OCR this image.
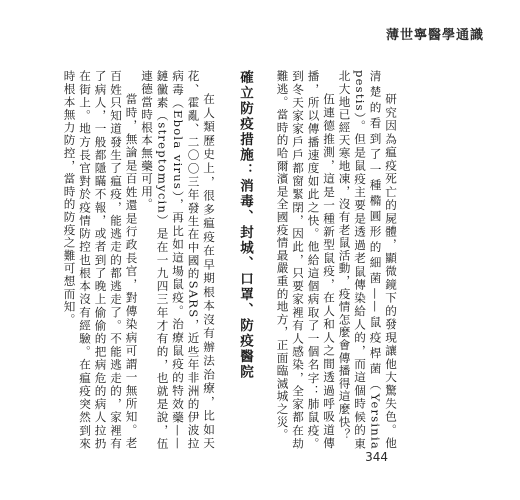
薄世寧醫學通識

研究因為瘟疫死亡的屍體，顯微鏡下的發現讓他大驚失色。他清楚的看到了一種橢圓形的細菌——鼠疫桿菌（Yersinia pestis）。但是鼠疫主要是透過老鼠傳染給人的，而這個時候的東北大地已經天寒地凍，沒有老鼠活動，疫情怎麼會傳播得這麼快？

伍連德推測，這是一種新型鼠疫，在人和人之間透過呼吸道傳播，所以傳播速度如此之快。他給這個病取了一個名字：肺鼠疫。到冬天家家戶戶都窗緊閉，因此，只要家裡有人感染，全家都在劫難逃。當時的哈爾濱是全國疫情最嚴重的地方，正面臨滅城之災。

確立防疫措施：消毒、封城、口罩、防疫醫院

在人類歷史上，很多瘟疫在早期根本沒有辦法治療，比如天花、霍亂、二〇〇三年發生在中國的SARS，近些年非洲的伊波拉病毒（Ebola virus），再比如這場鼠疫。治療鼠疫的特效藥——鏈黴素（streptomycin）是在一九四三年才有的，也就是說，伍連德當時根本無藥可用。

當時，無論是百姓還是行政長官，對傳染病可謂一無所知。老百姓只知道發生了瘟疫，能逃走的都逃走了。不能逃走的，家裡有了病人，一般都隱瞞不報，或者到了晚上偷偷的把病危的病人拉扔在街上。地方長官對於疫情防控也根本沒有經驗。在瘟疫突然到來時根本無力防控，當時的防疫之難可想而知。

344
